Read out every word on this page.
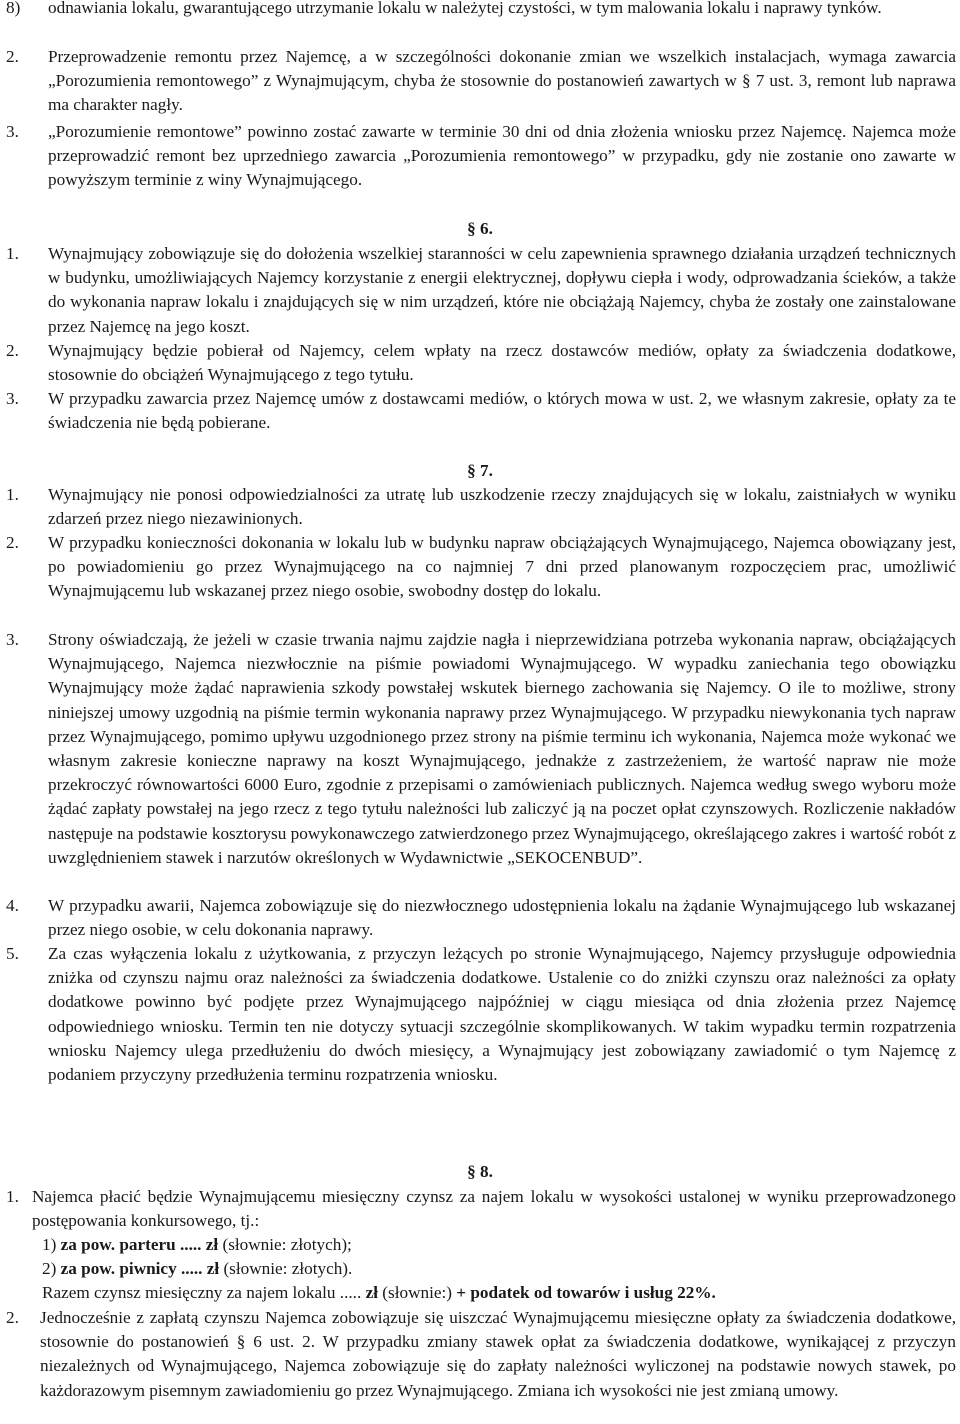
8) odnawiania lokalu, gwarantującego utrzymanie lokalu w należytej czystości, w tym malowania lokalu i naprawy tynków.
2. Przeprowadzenie remontu przez Najemcę, a w szczególności dokonanie zmian we wszelkich instalacjach, wymaga zawarcia „Porozumienia remontowego” z Wynajmującym, chyba że stosownie do postanowień zawartych w § 7 ust. 3, remont lub naprawa ma charakter nagły.
3. „Porozumienie remontowe” powinno zostać zawarte w terminie 30 dni od dnia złożenia wniosku przez Najemcę. Najemca może przeprowadzić remont bez uprzedniego zawarcia „Porozumienia remontowego” w przypadku, gdy nie zostanie ono zawarte w powyższym terminie z winy Wynajmującego.
§ 6.
1. Wynajmujący zobowiązuje się do dołożenia wszelkiej staranności w celu zapewnienia sprawnego działania urządzeń technicznych w budynku, umożliwiających Najemcy korzystanie z energii elektrycznej, dopływu ciepła i wody, odprowadzania ścieków, a także do wykonania napraw lokalu i znajdujących się w nim urządzeń, które nie obciążają Najemcy, chyba że zostały one zainstalowane przez Najemcę na jego koszt.
2. Wynajmujący będzie pobierał od Najemcy, celem wpłaty na rzecz dostawców mediów, opłaty za świadczenia dodatkowe, stosownie do obciążeń Wynajmującego z tego tytułu.
3. W przypadku zawarcia przez Najemcę umów z dostawcami mediów, o których mowa w ust. 2, we własnym zakresie, opłaty za te świadczenia nie będą pobierane.
§ 7.
1. Wynajmujący nie ponosi odpowiedzialności za utratę lub uszkodzenie rzeczy znajdujących się w lokalu, zaistniałych w wyniku zdarzeń przez niego niezawinionych.
2. W przypadku konieczności dokonania w lokalu lub w budynku napraw obciążających Wynajmującego, Najemca obowiązany jest, po powiadomieniu go przez Wynajmującego na co najmniej 7 dni przed planowanym rozpoczęciem prac, umożliwić Wynajmującemu lub wskazanej przez niego osobie, swobodny dostęp do lokalu.
3. Strony oświadczają, że jeżeli w czasie trwania najmu zajdzie nagła i nieprzewidziana potrzeba wykonania napraw, obciążających Wynajmującego, Najemca niezwłocznie na piśmie powiadomi Wynajmującego. W wypadku zaniechania tego obowiązku Wynajmujący może żądać naprawienia szkody powstałej wskutek biernego zachowania się Najemcy. O ile to możliwe, strony niniejszej umowy uzgodnią na piśmie termin wykonania naprawy przez Wynajmującego. W przypadku niewykonania tych napraw przez Wynajmującego, pomimo upływu uzgodnionego przez strony na piśmie terminu ich wykonania, Najemca może wykonać we własnym zakresie konieczne naprawy na koszt Wynajmującego, jednakże z zastrzeżeniem, że wartość napraw nie może przekroczyć równowartości 6000 Euro, zgodnie z przepisami o zamówieniach publicznych. Najemca według swego wyboru może żądać zapłaty powstałej na jego rzecz z tego tytułu należności lub zaliczyć ją na poczet opłat czynszowych. Rozliczenie nakładów następuje na podstawie kosztorysu powykonawczego zatwierdzonego przez Wynajmującego, określającego zakres i wartość robót z uwzględnieniem stawek i narzutów określonych w Wydawnictwie „SEKOCENBUD”.
4. W przypadku awarii, Najemca zobowiązuje się do niezwłocznego udostępnienia lokalu na żądanie Wynajmującego lub wskazanej przez niego osobie, w celu dokonania naprawy.
5. Za czas wyłączenia lokalu z użytkowania, z przyczyn leżących po stronie Wynajmującego, Najemcy przysługuje odpowiednia zniżka od czynszu najmu oraz należności za świadczenia dodatkowe. Ustalenie co do zniżki czynszu oraz należności za opłaty dodatkowe powinno być podjęte przez Wynajmującego najpóźniej w ciągu miesiąca od dnia złożenia przez Najemcę odpowiedniego wniosku. Termin ten nie dotyczy sytuacji szczególnie skomplikowanych. W takim wypadku termin rozpatrzenia wniosku Najemcy ulega przedłużeniu do dwóch miesięcy, a Wynajmujący jest zobowiązany zawiadomić o tym Najemcę z podaniem przyczyny przedłużenia terminu rozpatrzenia wniosku.
§ 8.
1. Najemca płacić będzie Wynajmującemu miesięczny czynsz za najem lokalu w wysokości ustalonej w wyniku przeprowadzonego postępowania konkursowego, tj.:
1) za pow. parteru ..... zł (słownie: złotych);
2) za pow. piwnicy ..... zł (słownie: złotych).
Razem czynsz miesięczny za najem lokalu ..... zł (słownie:) + podatek od towarów i usług 22%.
2. Jednocześnie z zapłatą czynszu Najemca zobowiązuje się uiszczać Wynajmującemu miesięczne opłaty za świadczenia dodatkowe, stosownie do postanowień § 6 ust. 2. W przypadku zmiany stawek opłat za świadczenia dodatkowe, wynikającej z przyczyn niezależnych od Wynajmującego, Najemca zobowiązuje się do zapłaty należności wyliczonej na podstawie nowych stawek, po każdorazowym pisemnym zawiadomieniu go przez Wynajmującego. Zmiana ich wysokości nie jest zmianą umowy.
